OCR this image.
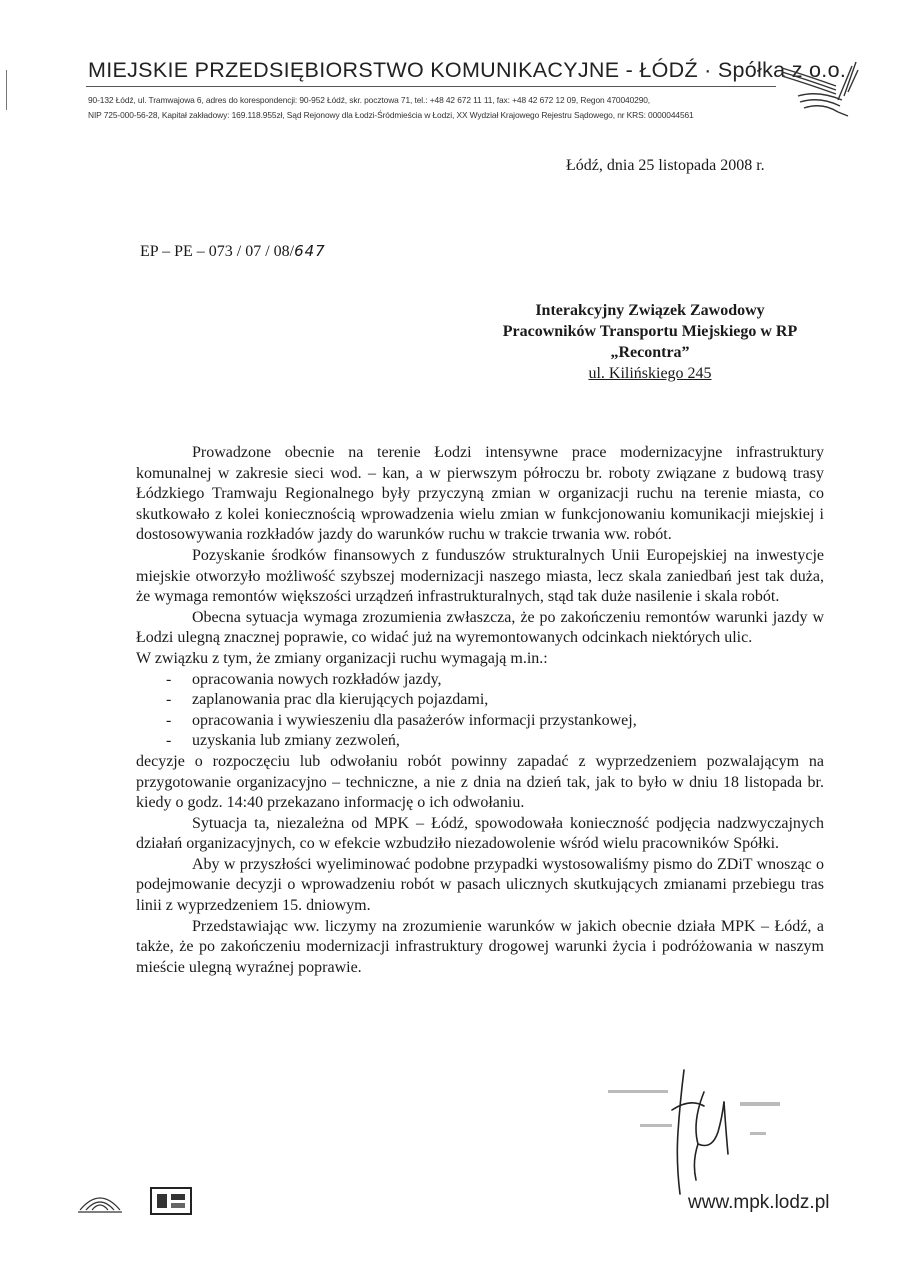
MIEJSKIE PRZEDSIĘBIORSTWO KOMUNIKACYJNE - ŁÓDŹ · Spółka z o.o.
90-132 Łódź, ul. Tramwajowa 6, adres do korespondencji: 90-952 Łódź, skr. pocztowa 71, tel.: +48 42 672 11 11, fax: +48 42 672 12 09, Regon 470040290,
NIP 725-000-56-28, Kapitał zakładowy: 169.118.955zł, Sąd Rejonowy dla Łodzi-Śródmieścia w Łodzi, XX Wydział Krajowego Rejestru Sądowego, nr KRS: 0000044561
Łódź, dnia 25 listopada 2008 r.
EP – PE – 073 / 07 / 08/647
Interakcyjny Związek Zawodowy
Pracowników Transportu Miejskiego w RP
„Recontra”
ul. Kilińskiego 245

Prowadzone obecnie na terenie Łodzi intensywne prace modernizacyjne infrastruktury komunalnej w zakresie sieci wod. – kan, a w pierwszym półroczu br. roboty związane z budową trasy Łódzkiego Tramwaju Regionalnego były przyczyną zmian w organizacji ruchu na terenie miasta, co skutkowało z kolei koniecznością wprowadzenia wielu zmian w funkcjonowaniu komunikacji miejskiej i dostosowywania rozkładów jazdy do warunków ruchu w trakcie trwania ww. robót.

Pozyskanie środków finansowych z funduszów strukturalnych Unii Europejskiej na inwestycje miejskie otworzyło możliwość szybszej modernizacji naszego miasta, lecz skala zaniedbań jest tak duża, że wymaga remontów większości urządzeń infrastrukturalnych, stąd tak duże nasilenie i skala robót.

Obecna sytuacja wymaga zrozumienia zwłaszcza, że po zakończeniu remontów warunki jazdy w Łodzi ulegną znacznej poprawie, co widać już na wyremontowanych odcinkach niektórych ulic.

W związku z tym, że zmiany organizacji ruchu wymagają m.in.:

- opracowania nowych rozkładów jazdy,
- zaplanowania prac dla kierujących pojazdami,
- opracowania i wywieszeniu dla pasażerów informacji przystankowej,
- uzyskania lub zmiany zezwoleń,

decyzje o rozpoczęciu lub odwołaniu robót powinny zapadać z wyprzedzeniem pozwalającym na przygotowanie organizacyjno – techniczne, a nie z dnia na dzień tak, jak to było w dniu 18 listopada br. kiedy o godz. 14:40 przekazano informację o ich odwołaniu.

Sytuacja ta, niezależna od MPK – Łódź, spowodowała konieczność podjęcia nadzwyczajnych działań organizacyjnych, co w efekcie wzbudziło niezadowolenie wśród wielu pracowników Spółki.

Aby w przyszłości wyeliminować podobne przypadki wystosowaliśmy pismo do ZDiT wnosząc o podejmowanie decyzji o wprowadzeniu robót w pasach ulicznych skutkujących zmianami przebiegu tras linii z wyprzedzeniem 15. dniowym.

Przedstawiając ww. liczymy na zrozumienie warunków w jakich obecnie działa MPK – Łódź, a także, że po zakończeniu modernizacji infrastruktury drogowej warunki życia i podróżowania w naszym mieście ulegną wyraźnej poprawie.

www.mpk.lodz.pl
